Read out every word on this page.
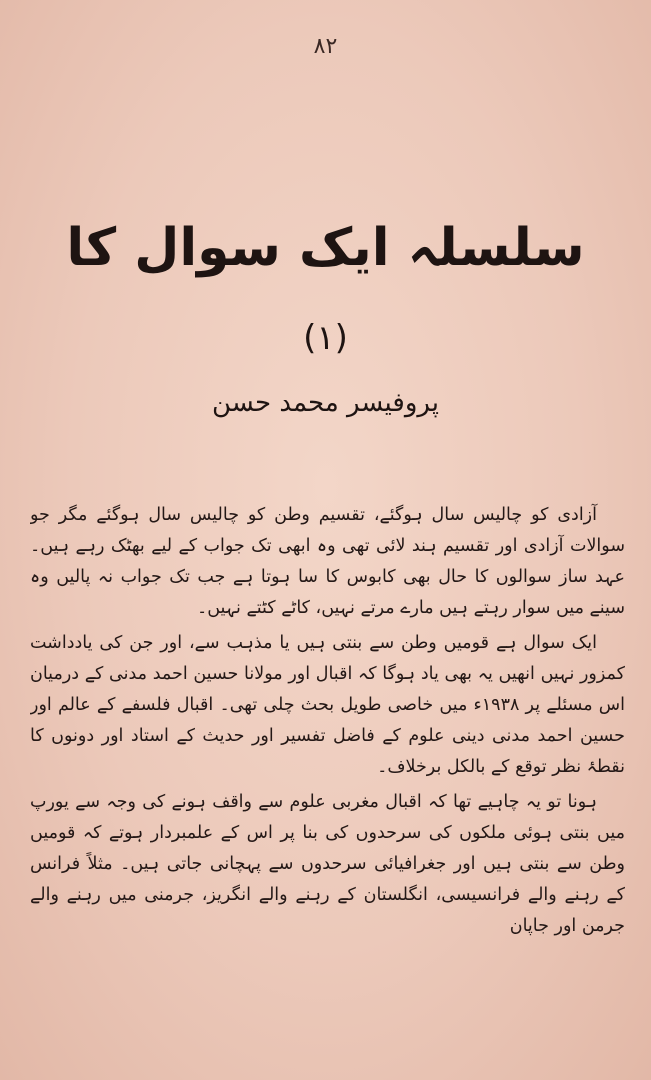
۸۲
سلسلہ ایک سوال کا
(۱)
پروفیسر محمد حسن

آزادی کو چالیس سال ہوگئے، تقسیم وطن کو چالیس سال ہوگئے مگر جو سوالات آزادی اور تقسیم ہند لائی تھی وہ ابھی تک جواب کے لیے بھٹک رہے ہیں۔ عہد ساز سوالوں کا حال بھی کابوس کا سا ہوتا ہے جب تک جواب نہ پالیں وہ سینے میں سوار رہتے ہیں مارے مرتے نہیں، کاٹے کٹتے نہیں۔

ایک سوال ہے قومیں وطن سے بنتی ہیں یا مذہب سے، اور جن کی یادداشت کمزور نہیں انھیں یہ بھی یاد ہوگا کہ اقبال اور مولانا حسین احمد مدنی کے درمیان اس مسئلے پر ۱۹۳۸ء میں خاصی طویل بحث چلی تھی۔ اقبال فلسفے کے عالم اور حسین احمد مدنی دینی علوم کے فاضل تفسیر اور حدیث کے استاد اور دونوں کا نقطۂ نظر توقع کے بالکل برخلاف۔

ہونا تو یہ چاہیے تھا کہ اقبال مغربی علوم سے واقف ہونے کی وجہ سے یورپ میں بنتی ہوئی ملکوں کی سرحدوں کی بنا پر اس کے علمبردار ہوتے کہ قومیں وطن سے بنتی ہیں اور جغرافیائی سرحدوں سے پہچانی جاتی ہیں۔ مثلاً فرانس کے رہنے والے فرانسیسی، انگلستان کے رہنے والے انگریز، جرمنی میں رہنے والے جرمن اور جاپان
